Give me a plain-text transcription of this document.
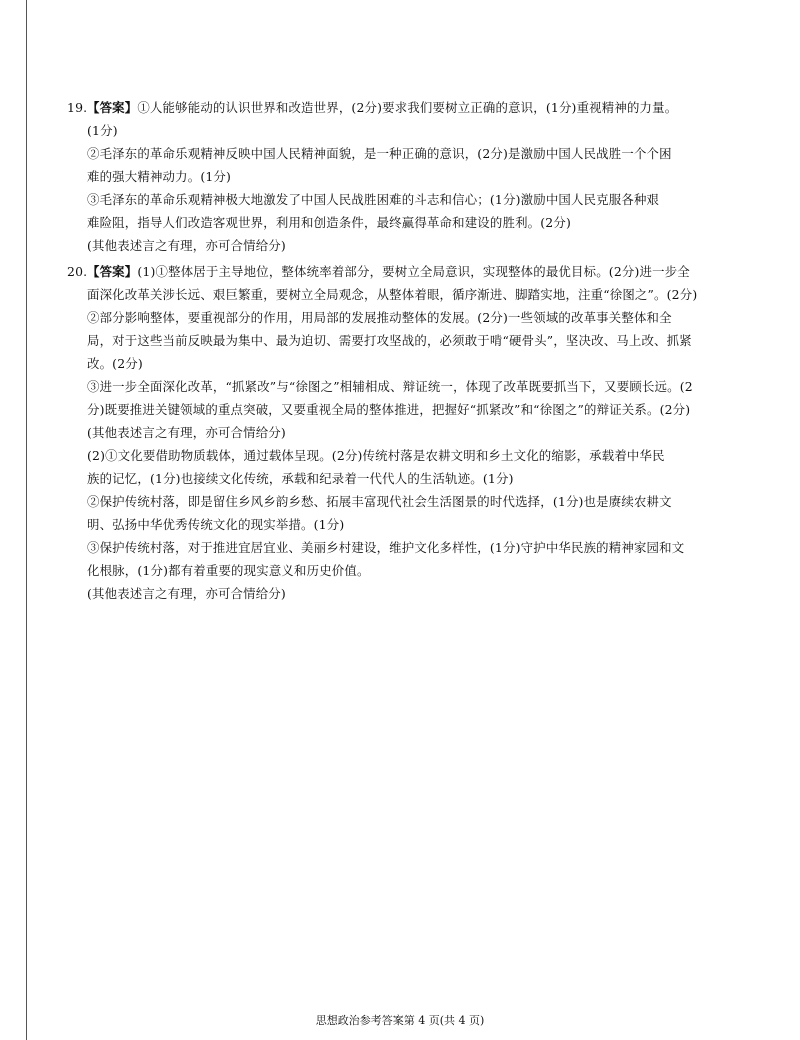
19. 【答案】①人能够能动的认识世界和改造世界，(2分)要求我们要树立正确的意识，(1分)重视精神的力量。
(1分)
②毛泽东的革命乐观精神反映中国人民精神面貌，是一种正确的意识，(2分)是激励中国人民战胜一个个困
难的强大精神动力。(1分)
③毛泽东的革命乐观精神极大地激发了中国人民战胜困难的斗志和信心；(1分)激励中国人民克服各种艰
难险阻，指导人们改造客观世界，利用和创造条件，最终赢得革命和建设的胜利。(2分)
(其他表述言之有理，亦可合情给分)
20. 【答案】(1)①整体居于主导地位，整体统率着部分，要树立全局意识，实现整体的最优目标。(2分)进一步全
面深化改革关涉长远、艰巨繁重，要树立全局观念，从整体着眼，循序渐进、脚踏实地，注重“徐图之”。(2分)
②部分影响整体，要重视部分的作用，用局部的发展推动整体的发展。(2分)一些领域的改革事关整体和全
局，对于这些当前反映最为集中、最为迫切、需要打攻坚战的，必须敢于啃“硬骨头”，坚决改、马上改、抓紧
改。(2分)
③进一步全面深化改革，“抓紧改”与“徐图之”相辅相成、辩证统一，体现了改革既要抓当下，又要顾长远。(2
分)既要推进关键领域的重点突破，又要重视全局的整体推进，把握好“抓紧改”和“徐图之”的辩证关系。(2分)
(其他表述言之有理，亦可合情给分)
(2)①文化要借助物质载体，通过载体呈现。(2分)传统村落是农耕文明和乡土文化的缩影，承载着中华民
族的记忆，(1分)也接续文化传统，承载和纪录着一代代人的生活轨迹。(1分)
②保护传统村落，即是留住乡风乡韵乡愁、拓展丰富现代社会生活图景的时代选择，(1分)也是赓续农耕文
明、弘扬中华优秀传统文化的现实举措。(1分)
③保护传统村落，对于推进宜居宜业、美丽乡村建设，维护文化多样性，(1分)守护中华民族的精神家园和文
化根脉，(1分)都有着重要的现实意义和历史价值。
(其他表述言之有理，亦可合情给分)
思想政治参考答案第 4 页(共 4 页)
